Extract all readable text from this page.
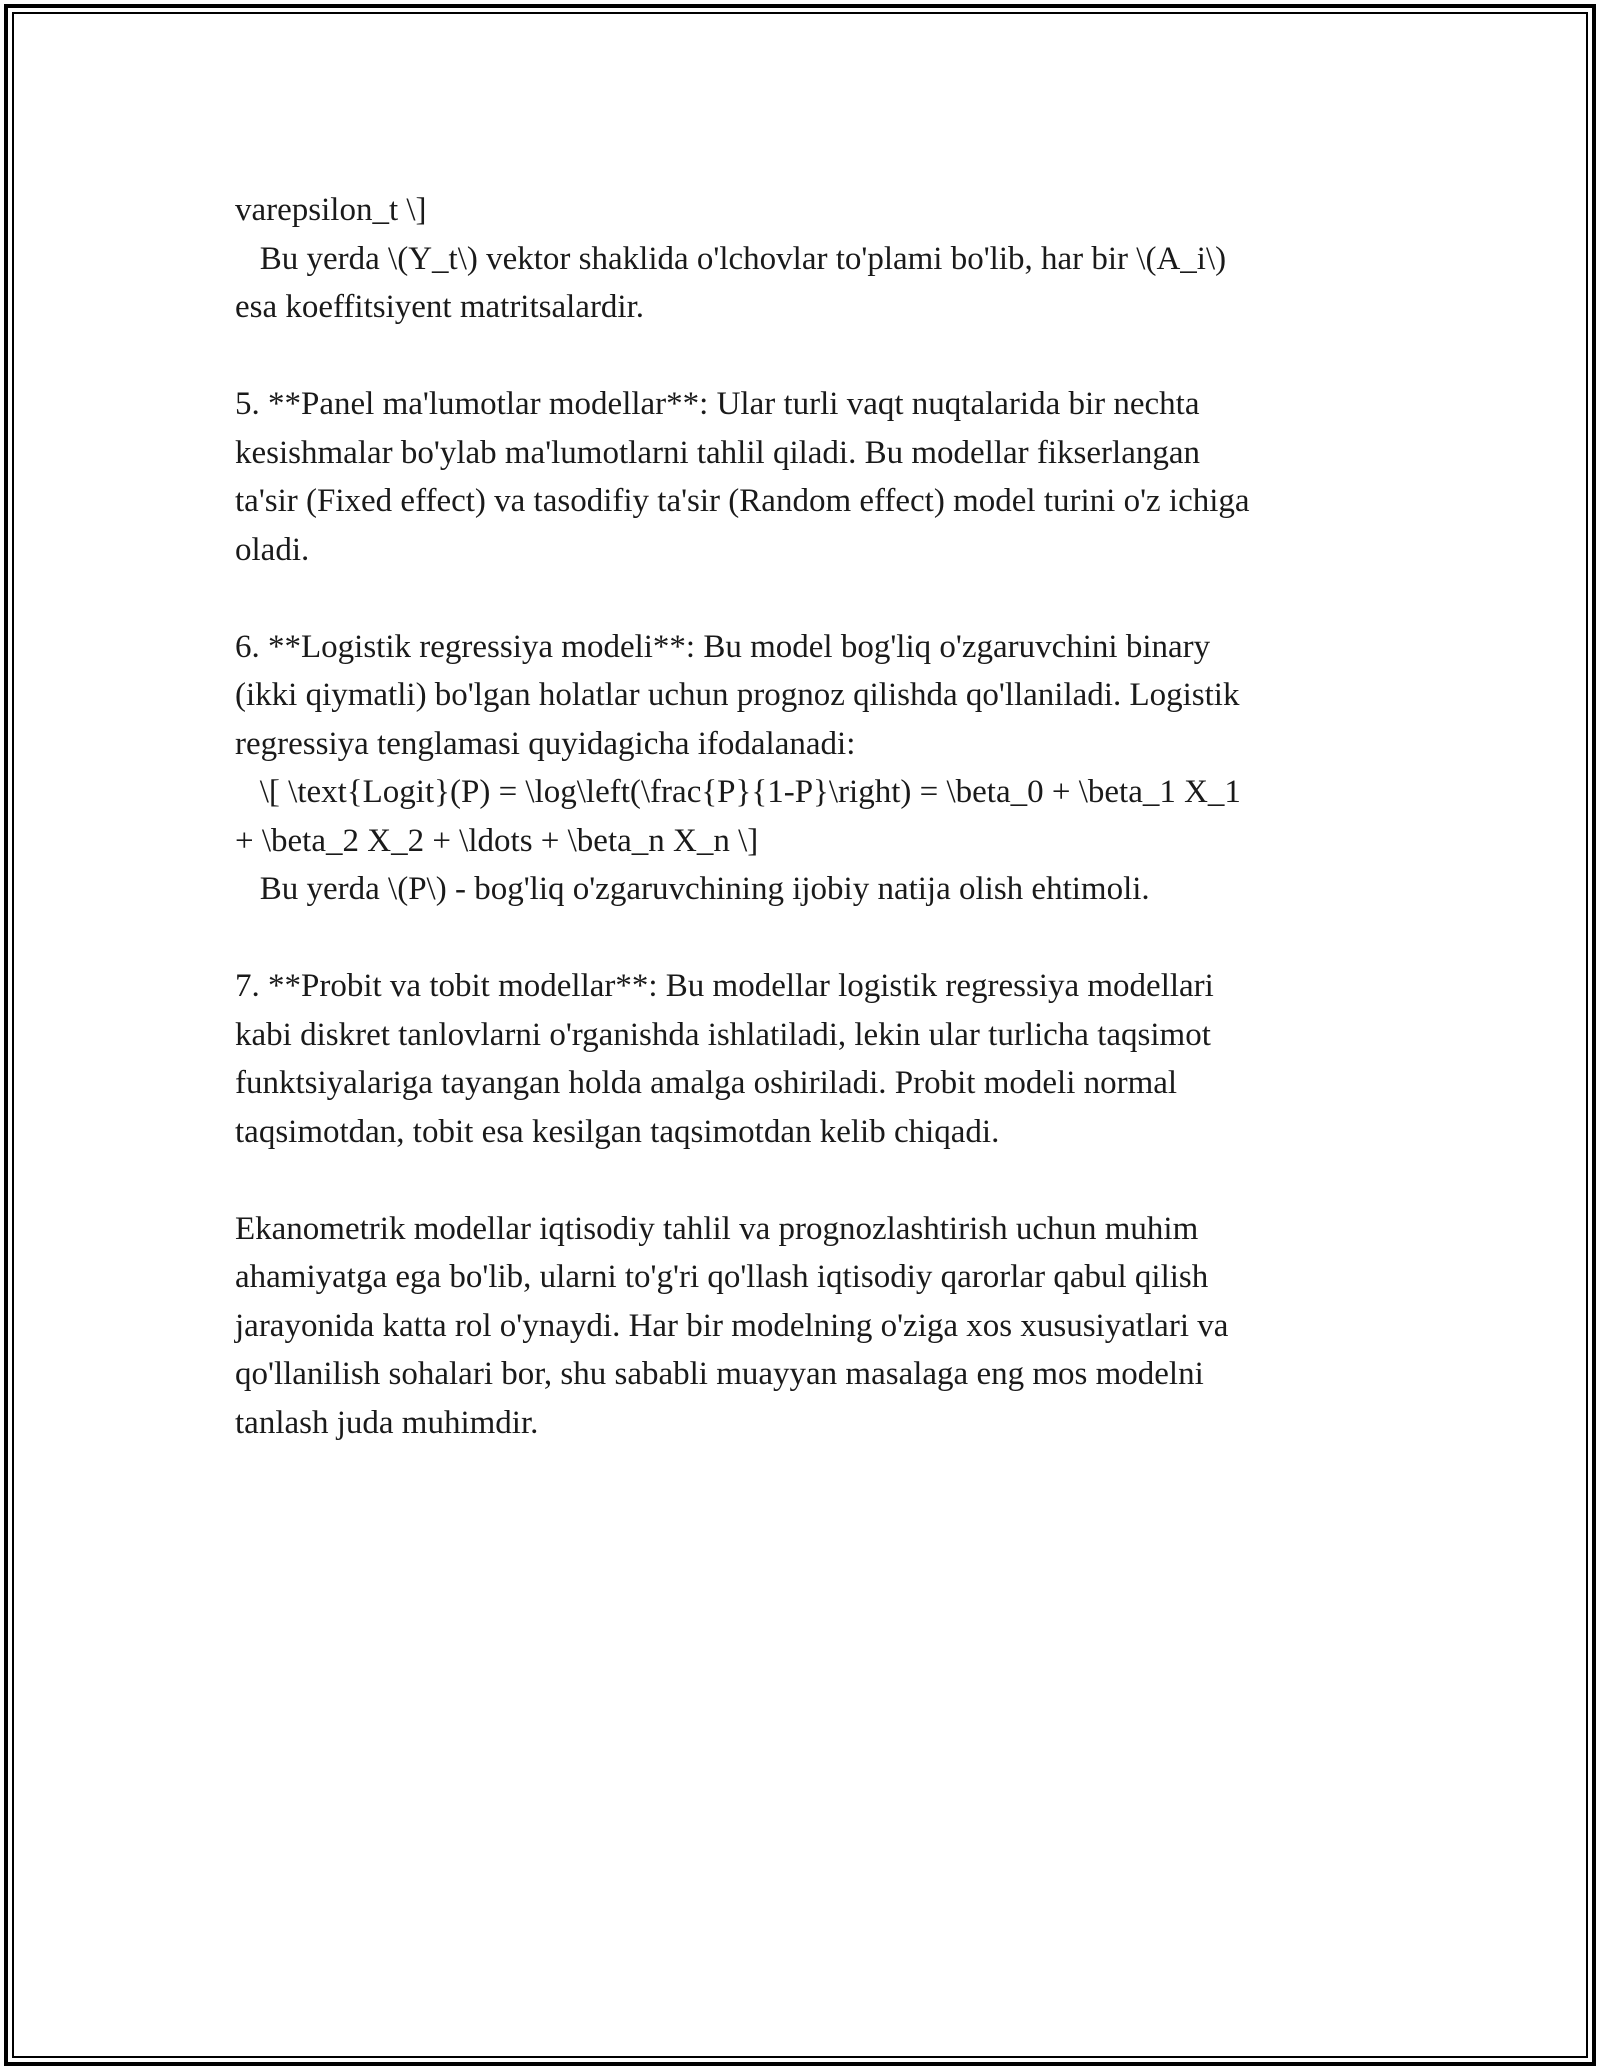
varepsilon_t \]
Bu yerda \(Y_t\) vektor shaklida o'lchovlar to'plami bo'lib, har bir \(A_i\)
esa koeffitsiyent matritsalardir.
5. **Panel ma'lumotlar modellar**: Ular turli vaqt nuqtalarida bir nechta
kesishmalar bo'ylab ma'lumotlarni tahlil qiladi. Bu modellar fikserlangan
ta'sir (Fixed effect) va tasodifiy ta'sir (Random effect) model turini o'z ichiga
oladi.
6. **Logistik regressiya modeli**: Bu model bog'liq o'zgaruvchini binary
(ikki qiymatli) bo'lgan holatlar uchun prognoz qilishda qo'llaniladi. Logistik
regressiya tenglamasi quyidagicha ifodalanadi:
\[ \text{Logit}(P) = \log\left(\frac{P}{1-P}\right) = \beta_0 + \beta_1 X_1
+ \beta_2 X_2 + \ldots + \beta_n X_n \]
Bu yerda \(P\) - bog'liq o'zgaruvchining ijobiy natija olish ehtimoli.
7. **Probit va tobit modellar**: Bu modellar logistik regressiya modellari
kabi diskret tanlovlarni o'rganishda ishlatiladi, lekin ular turlicha taqsimot
funktsiyalariga tayangan holda amalga oshiriladi. Probit modeli normal
taqsimotdan, tobit esa kesilgan taqsimotdan kelib chiqadi.
Ekanometrik modellar iqtisodiy tahlil va prognozlashtirish uchun muhim
ahamiyatga ega bo'lib, ularni to'g'ri qo'llash iqtisodiy qarorlar qabul qilish
jarayonida katta rol o'ynaydi. Har bir modelning o'ziga xos xususiyatlari va
qo'llanilish sohalari bor, shu sababli muayyan masalaga eng mos modelni
tanlash juda muhimdir.
